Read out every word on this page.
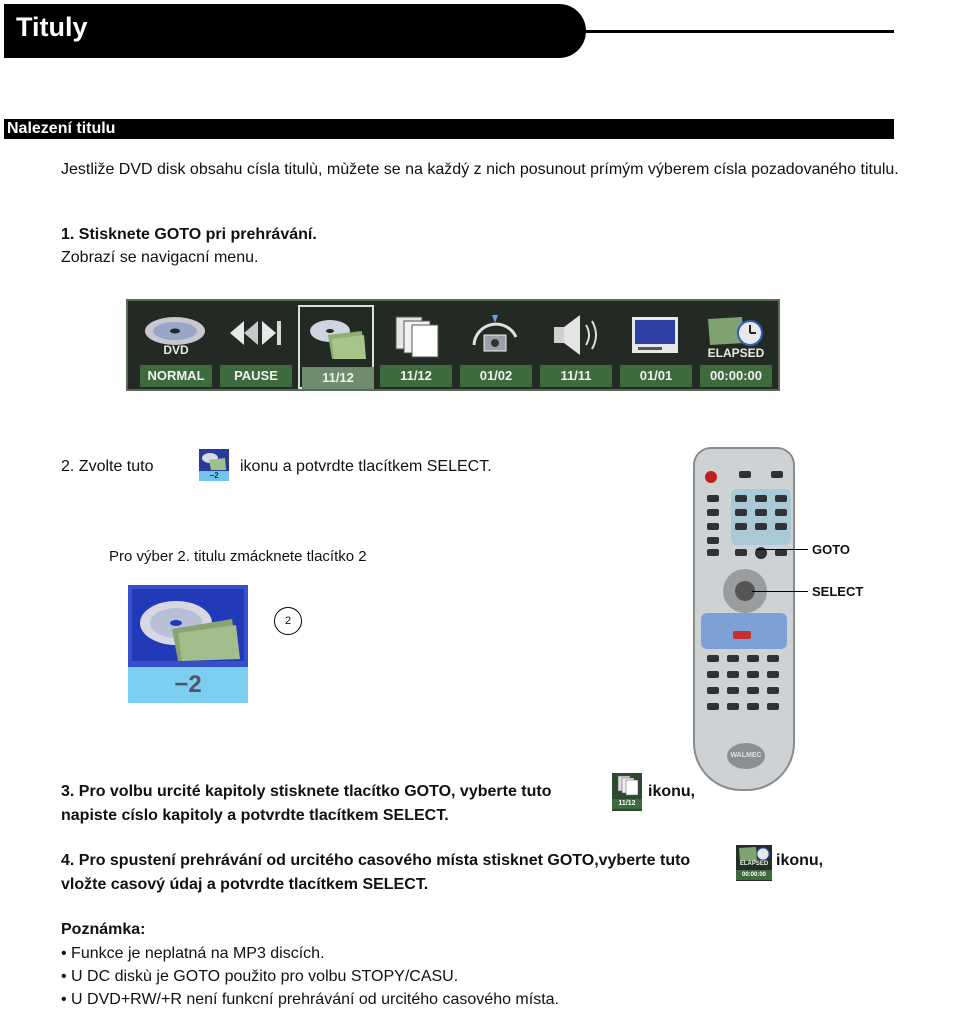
Tituly
Nalezení titulu
Jestliže DVD disk obsahu císla titulù, mùžete se na každý z nich posunout prímým výberem císla pozadovaného titulu.
1. Stisknete GOTO pri prehrávání.
Zobrazí se navigacní menu.
DVD
NORMAL	PAUSE	11/12	11/12	01/02	11/11	01/01
ELAPSED
00:00:00
2. Zvolte tuto
−2
ikonu a potvrdte tlacítkem SELECT.
Pro výber 2. titulu zmácknete tlacítko 2
−2
2
WALMEC
GOTO
SELECT
3. Pro volbu urcité kapitoly stisknete tlacítko GOTO, vyberte tuto
11/12
ikonu,
napiste císlo kapitoly a potvrdte tlacítkem SELECT.
4. Pro spustení prehrávání od urcitého casového místa stisknet GOTO,vyberte tuto	ELAPSED
00:00:00
ikonu,
vložte casový údaj a potvrdte tlacítkem SELECT.
Poznámka:
• Funkce je neplatná na MP3 discích.
• U DC diskù je GOTO použito pro volbu STOPY/CASU.
• U DVD+RW/+R není funkcní prehrávání od urcitého casového místa.
